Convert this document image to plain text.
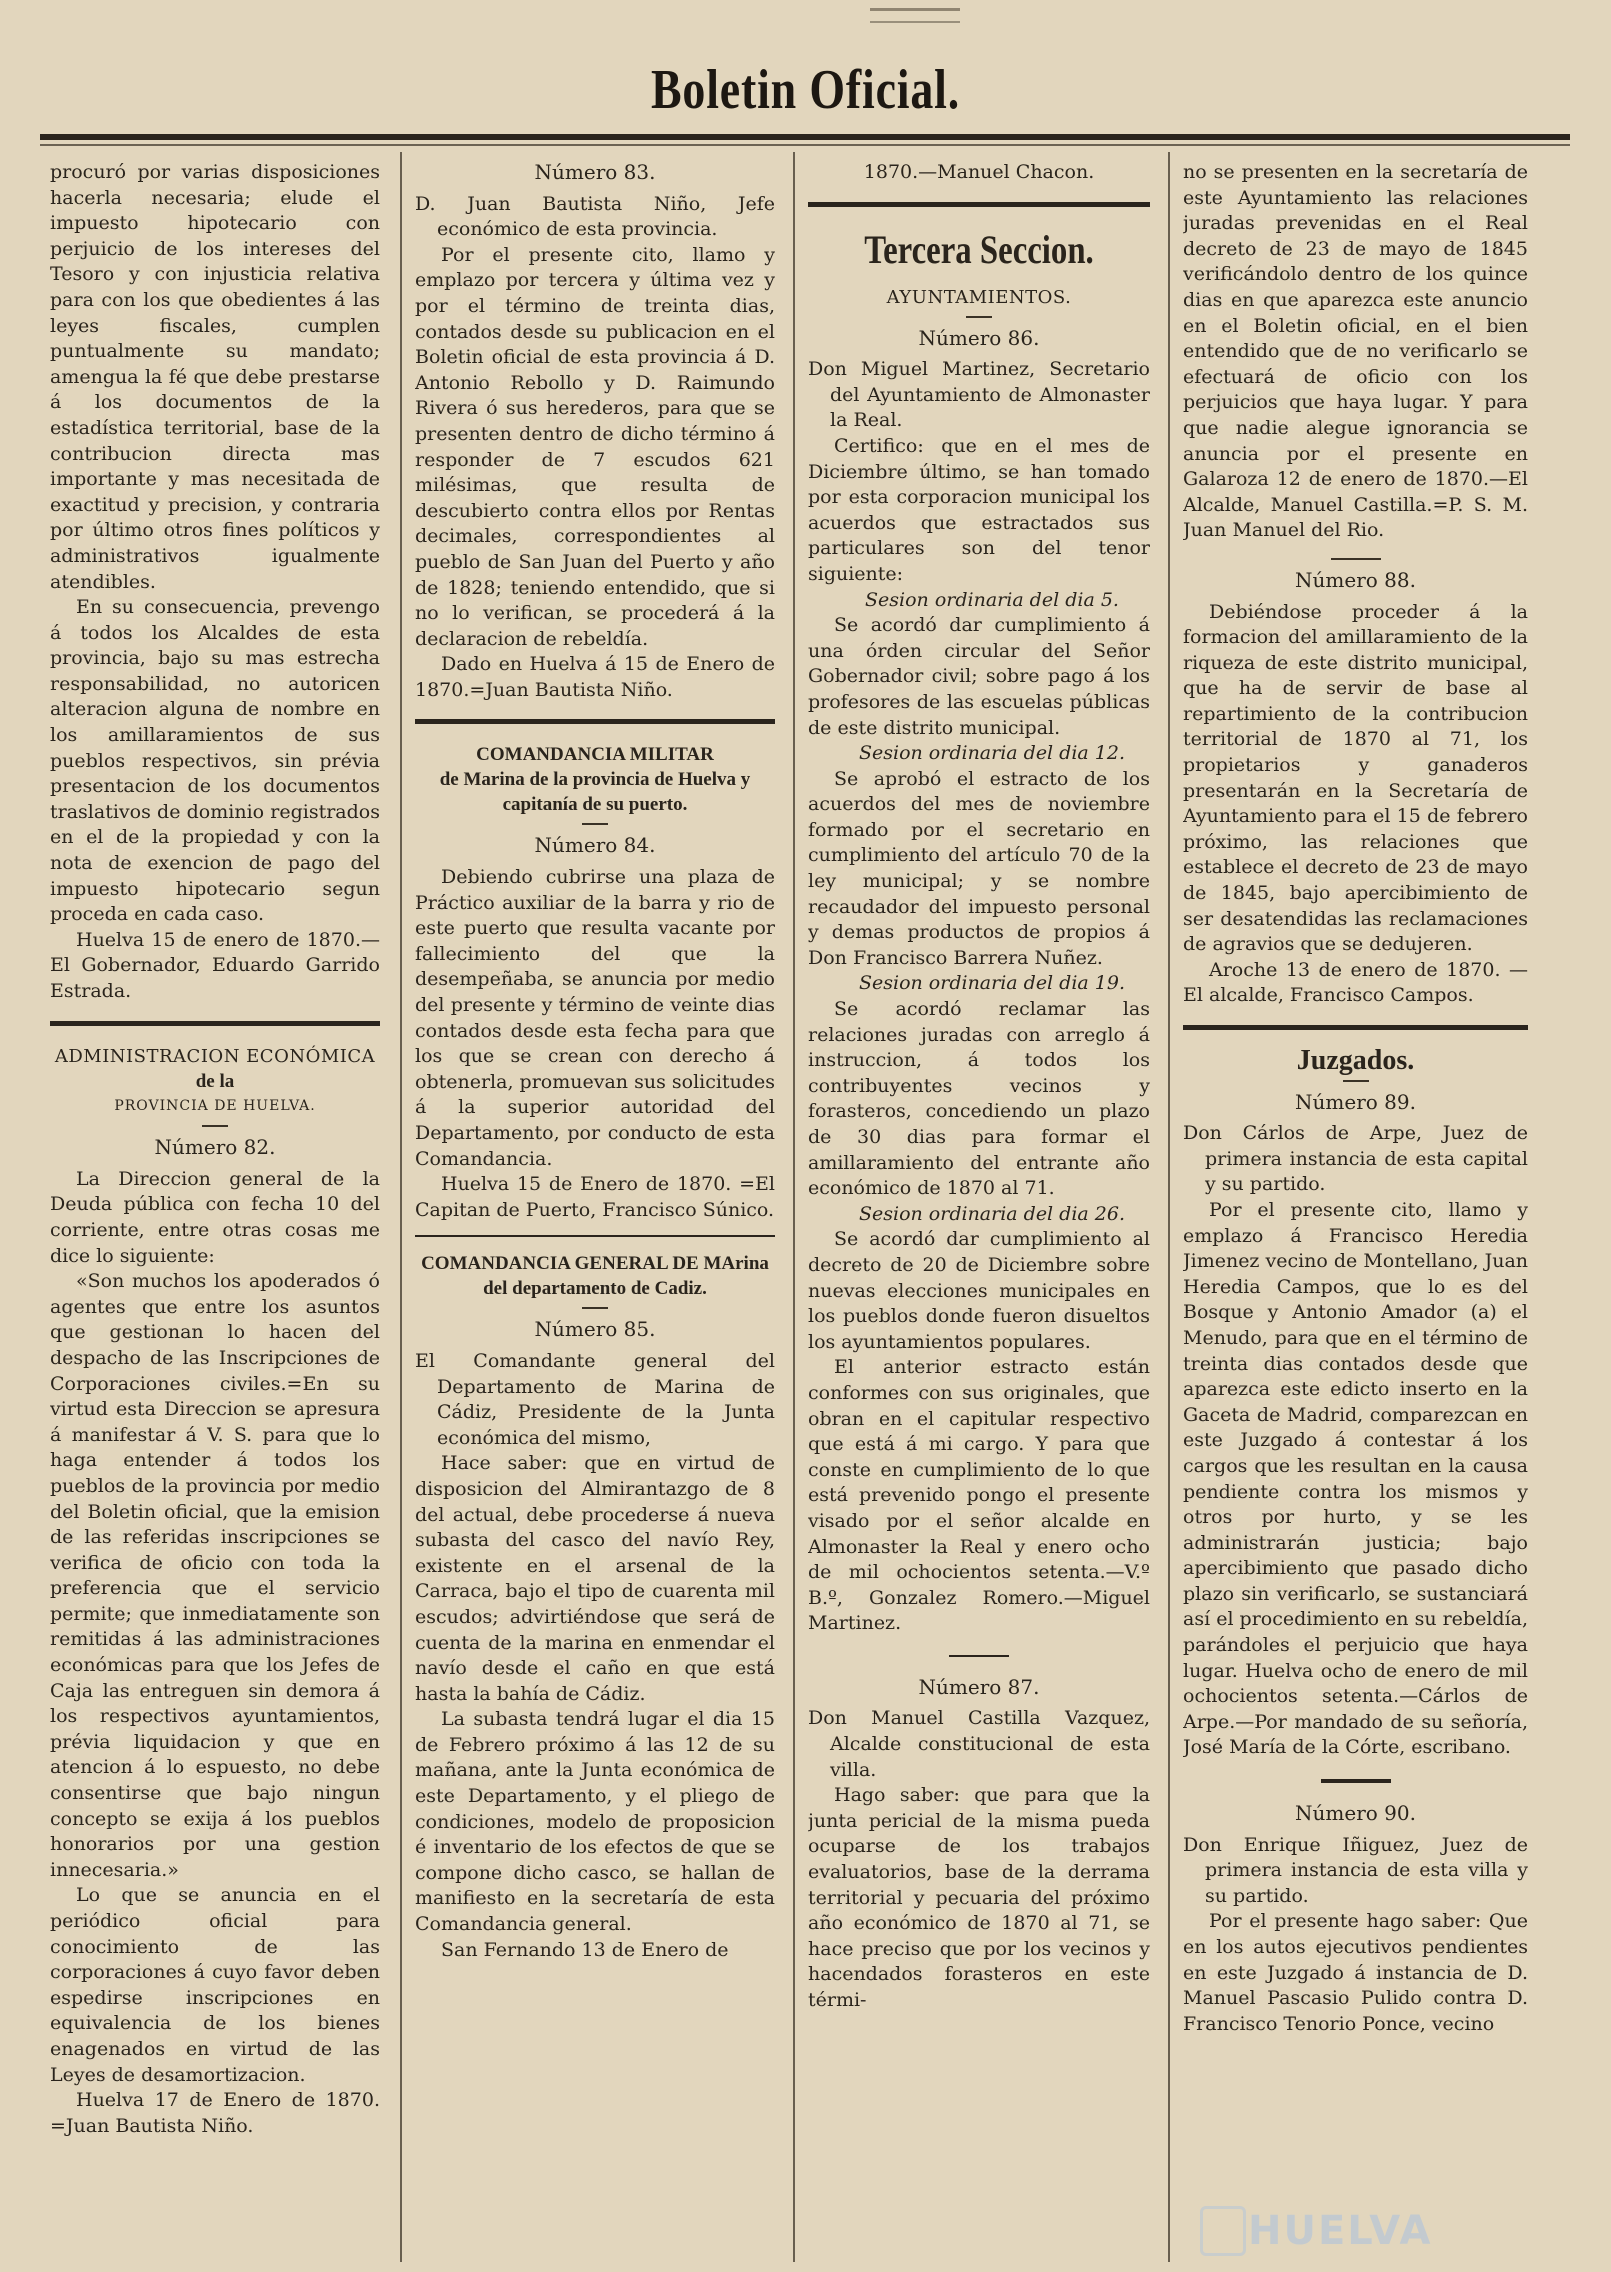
Boletin Oficial.

procuró por varias disposiciones hacerla necesaria; elude el impuesto hipotecario con perjuicio de los intereses del Tesoro y con injusticia relativa para con los que obedientes á las leyes fiscales, cumplen puntualmente su mandato; amengua la fé que debe prestarse á los documentos de la estadística territorial, base de la contribucion directa mas importante y mas necesitada de exactitud y precision, y contraria por último otros fines políticos y administrativos igualmente atendibles.

En su consecuencia, prevengo á todos los Alcaldes de esta provincia, bajo su mas estrecha responsabilidad, no autoricen alteracion alguna de nombre en los amillaramientos de sus pueblos respectivos, sin prévia presentacion de los documentos traslativos de dominio registrados en el de la propiedad y con la nota de exencion de pago del impuesto hipotecario segun proceda en cada caso.

Huelva 15 de enero de 1870.— El Gobernador, Eduardo Garrido Estrada.

ADMINISTRACION ECONÓMICA
de la
PROVINCIA DE HUELVA.
Número 82.

La Direccion general de la Deuda pública con fecha 10 del corriente, entre otras cosas me dice lo siguiente:

«Son muchos los apoderados ó agentes que entre los asuntos que gestionan lo hacen del despacho de las Inscripciones de Corporaciones civiles.=En su virtud esta Direccion se apresura á manifestar á V. S. para que lo haga entender á todos los pueblos de la provincia por medio del Boletin oficial, que la emision de las referidas inscripciones se verifica de oficio con toda la preferencia que el servicio permite; que inmediatamente son remitidas á las administraciones económicas para que los Jefes de Caja las entreguen sin demora á los respectivos ayuntamientos, prévia liquidacion y que en atencion á lo espuesto, no debe consentirse que bajo ningun concepto se exija á los pueblos honorarios por una gestion innecesaria.»

Lo que se anuncia en el periódico oficial para conocimiento de las corporaciones á cuyo favor deben espedirse inscripciones en equivalencia de los bienes enagenados en virtud de las Leyes de desamortizacion.

Huelva 17 de Enero de 1870. =Juan Bautista Niño.

Número 83.

D. Juan Bautista Niño, Jefe económico de esta provincia.

Por el presente cito, llamo y emplazo por tercera y última vez y por el término de treinta dias, contados desde su publicacion en el Boletin oficial de esta provincia á D. Antonio Rebollo y D. Raimundo Rivera ó sus herederos, para que se presenten dentro de dicho término á responder de 7 escudos 621 milésimas, que resulta de descubierto contra ellos por Rentas decimales, correspondientes al pueblo de San Juan del Puerto y año de 1828; teniendo entendido, que si no lo verifican, se procederá á la declaracion de rebeldía.

Dado en Huelva á 15 de Enero de 1870.=Juan Bautista Niño.

COMANDANCIA MILITAR
de Marina de la provincia de Huelva y capitanía de su puerto.
Número 84.

Debiendo cubrirse una plaza de Práctico auxiliar de la barra y rio de este puerto que resulta vacante por fallecimiento del que la desempeñaba, se anuncia por medio del presente y término de veinte dias contados desde esta fecha para que los que se crean con derecho á obtenerla, promuevan sus solicitudes á la superior autoridad del Departamento, por conducto de esta Comandancia.

Huelva 15 de Enero de 1870. =El Capitan de Puerto, Francisco Súnico.

COMANDANCIA GENERAL DE MArina del departamento de Cadiz.
Número 85.

El Comandante general del Departamento de Marina de Cádiz, Presidente de la Junta económica del mismo,

Hace saber: que en virtud de disposicion del Almirantazgo de 8 del actual, debe procederse á nueva subasta del casco del navío Rey, existente en el arsenal de la Carraca, bajo el tipo de cuarenta mil escudos; advirtiéndose que será de cuenta de la marina en enmendar el navío desde el caño en que está hasta la bahía de Cádiz.

La subasta tendrá lugar el dia 15 de Febrero próximo á las 12 de su mañana, ante la Junta económica de este Departamento, y el pliego de condiciones, modelo de proposicion é inventario de los efectos de que se compone dicho casco, se hallan de manifiesto en la secretaría de esta Comandancia general.

San Fernando 13 de Enero de

1870.—Manuel Chacon.

Tercera Seccion.
AYUNTAMIENTOS.
Número 86.

Don Miguel Martinez, Secretario del Ayuntamiento de Almonaster la Real.

Certifico: que en el mes de Diciembre último, se han tomado por esta corporacion municipal los acuerdos que estractados sus particulares son del tenor siguiente:

Sesion ordinaria del dia 5.

Se acordó dar cumplimiento á una órden circular del Señor Gobernador civil; sobre pago á los profesores de las escuelas públicas de este distrito municipal.

Sesion ordinaria del dia 12.

Se aprobó el estracto de los acuerdos del mes de noviembre formado por el secretario en cumplimiento del artículo 70 de la ley municipal; y se nombre recaudador del impuesto personal y demas productos de propios á Don Francisco Barrera Nuñez.

Sesion ordinaria del dia 19.

Se acordó reclamar las relaciones juradas con arreglo á instruccion, á todos los contribuyentes vecinos y forasteros, concediendo un plazo de 30 dias para formar el amillaramiento del entrante año económico de 1870 al 71.

Sesion ordinaria del dia 26.

Se acordó dar cumplimiento al decreto de 20 de Diciembre sobre nuevas elecciones municipales en los pueblos donde fueron disueltos los ayuntamientos populares.

El anterior estracto están conformes con sus originales, que obran en el capitular respectivo que está á mi cargo. Y para que conste en cumplimiento de lo que está prevenido pongo el presente visado por el señor alcalde en Almonaster la Real y enero ocho de mil ochocientos setenta.—V.º B.º, Gonzalez Romero.—Miguel Martinez.

Número 87.

Don Manuel Castilla Vazquez, Alcalde constitucional de esta villa.

Hago saber: que para que la junta pericial de la misma pueda ocuparse de los trabajos evaluatorios, base de la derrama territorial y pecuaria del próximo año económico de 1870 al 71, se hace preciso que por los vecinos y hacendados forasteros en este térmi-

no se presenten en la secretaría de este Ayuntamiento las relaciones juradas prevenidas en el Real decreto de 23 de mayo de 1845 verificándolo dentro de los quince dias en que aparezca este anuncio en el Boletin oficial, en el bien entendido que de no verificarlo se efectuará de oficio con los perjuicios que haya lugar. Y para que nadie alegue ignorancia se anuncia por el presente en Galaroza 12 de enero de 1870.—El Alcalde, Manuel Castilla.=P. S. M. Juan Manuel del Rio.

Número 88.

Debiéndose proceder á la formacion del amillaramiento de la riqueza de este distrito municipal, que ha de servir de base al repartimiento de la contribucion territorial de 1870 al 71, los propietarios y ganaderos presentarán en la Secretaría de Ayuntamiento para el 15 de febrero próximo, las relaciones que establece el decreto de 23 de mayo de 1845, bajo apercibimiento de ser desatendidas las reclamaciones de agravios que se dedujeren.

Aroche 13 de enero de 1870. —El alcalde, Francisco Campos.

Juzgados.
Número 89.

Don Cárlos de Arpe, Juez de primera instancia de esta capital y su partido.

Por el presente cito, llamo y emplazo á Francisco Heredia Jimenez vecino de Montellano, Juan Heredia Campos, que lo es del Bosque y Antonio Amador (a) el Menudo, para que en el término de treinta dias contados desde que aparezca este edicto inserto en la Gaceta de Madrid, comparezcan en este Juzgado á contestar á los cargos que les resultan en la causa pendiente contra los mismos y otros por hurto, y se les administrarán justicia; bajo apercibimiento que pasado dicho plazo sin verificarlo, se sustanciará así el procedimiento en su rebeldía, parándoles el perjuicio que haya lugar. Huelva ocho de enero de mil ochocientos setenta.—Cárlos de Arpe.—Por mandado de su señoría, José María de la Córte, escribano.

Número 90.

Don Enrique Iñiguez, Juez de primera instancia de esta villa y su partido.

Por el presente hago saber: Que en los autos ejecutivos pendientes en este Juzgado á instancia de D. Manuel Pascasio Pulido contra D. Francisco Tenorio Ponce, vecino

HUELVA
